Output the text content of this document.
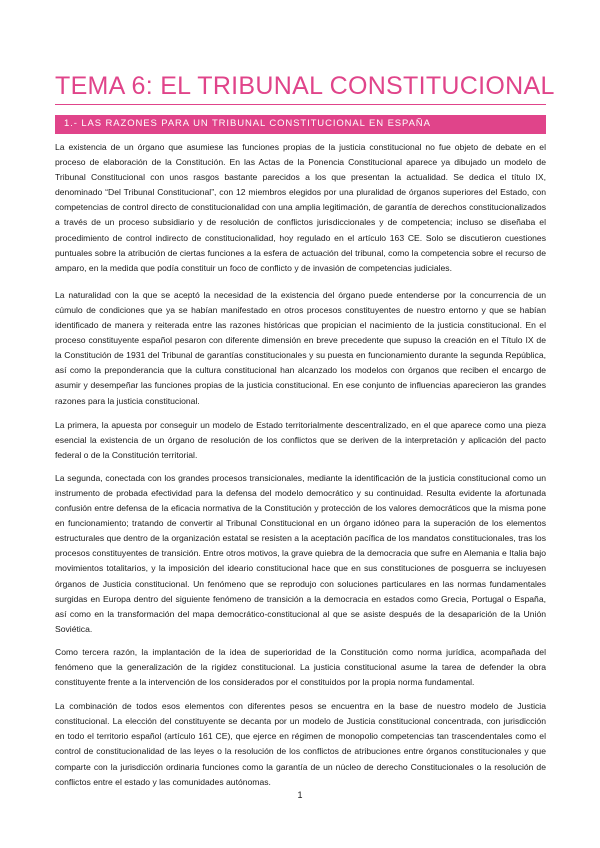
TEMA 6: EL TRIBUNAL CONSTITUCIONAL
1.- LAS RAZONES PARA UN TRIBUNAL CONSTITUCIONAL EN ESPAÑA

La existencia de un órgano que asumiese las funciones propias de la justicia constitucional no fue objeto de debate en el proceso de elaboración de la Constitución. En las Actas de la Ponencia Constitucional aparece ya dibujado un modelo de Tribunal Constitucional con unos rasgos bastante parecidos a los que presentan la actualidad. Se dedica el título IX, denominado “Del Tribunal Constitucional”, con 12 miembros elegidos por una pluralidad de órganos superiores del Estado, con competencias de control directo de constitucionalidad con una amplia legitimación, de garantía de derechos constitucionalizados a través de un proceso subsidiario y de resolución de conflictos jurisdiccionales y de competencia; incluso se diseñaba el procedimiento de control indirecto de constitucionalidad, hoy regulado en el artículo 163 CE. Solo se discutieron cuestiones puntuales sobre la atribución de ciertas funciones a la esfera de actuación del tribunal, como la competencia sobre el recurso de amparo, en la medida que podía constituir un foco de conflicto y de invasión de competencias judiciales.

La naturalidad con la que se aceptó la necesidad de la existencia del órgano puede entenderse por la concurrencia de un cúmulo de condiciones que ya se habían manifestado en otros procesos constituyentes de nuestro entorno y que se habían identificado de manera y reiterada entre las razones históricas que propician el nacimiento de la justicia constitucional. En el proceso constituyente español pesaron con diferente dimensión en breve precedente que supuso la creación en el Título IX de la Constitución de 1931 del Tribunal de garantías constitucionales y su puesta en funcionamiento durante la segunda República, así como la preponderancia que la cultura constitucional han alcanzado los modelos con órganos que reciben el encargo de asumir y desempeñar las funciones propias de la justicia constitucional. En ese conjunto de influencias aparecieron las grandes razones para la justicia constitucional.

La primera, la apuesta por conseguir un modelo de Estado territorialmente descentralizado, en el que aparece como una pieza esencial la existencia de un órgano de resolución de los conflictos que se deriven de la interpretación y aplicación del pacto federal o de la Constitución territorial.

La segunda, conectada con los grandes procesos transicionales, mediante la identificación de la justicia constitucional como un instrumento de probada efectividad para la defensa del modelo democrático y su continuidad. Resulta evidente la afortunada confusión entre defensa de la eficacia normativa de la Constitución y protección de los valores democráticos que la misma pone en funcionamiento; tratando de convertir al Tribunal Constitucional en un órgano idóneo para la superación de los elementos estructurales que dentro de la organización estatal se resisten a la aceptación pacífica de los mandatos constitucionales, tras los procesos constituyentes de transición. Entre otros motivos, la grave quiebra de la democracia que sufre en Alemania e Italia bajo movimientos totalitarios, y la imposición del ideario constitucional hace que en sus constituciones de posguerra se incluyesen órganos de Justicia constitucional. Un fenómeno que se reprodujo con soluciones particulares en las normas fundamentales surgidas en Europa dentro del siguiente fenómeno de transición a la democracia en estados como Grecia, Portugal o España, así como en la transformación del mapa democrático-constitucional al que se asiste después de la desaparición de la Unión Soviética.

Como tercera razón, la implantación de la idea de superioridad de la Constitución como norma jurídica, acompañada del fenómeno que la generalización de la rigidez constitucional. La justicia constitucional asume la tarea de defender la obra constituyente frente a la intervención de los considerados por el constituidos por la propia norma fundamental.

La combinación de todos esos elementos con diferentes pesos se encuentra en la base de nuestro modelo de Justicia constitucional. La elección del constituyente se decanta por un modelo de Justicia constitucional concentrada, con jurisdicción en todo el territorio español (artículo 161 CE), que ejerce en régimen de monopolio competencias tan trascendentales como el control de constitucionalidad de las leyes o la resolución de los conflictos de atribuciones entre órganos constitucionales y que comparte con la jurisdicción ordinaria funciones como la garantía de un núcleo de derecho Constitucionales o la resolución de conflictos entre el estado y las comunidades autónomas.

1
